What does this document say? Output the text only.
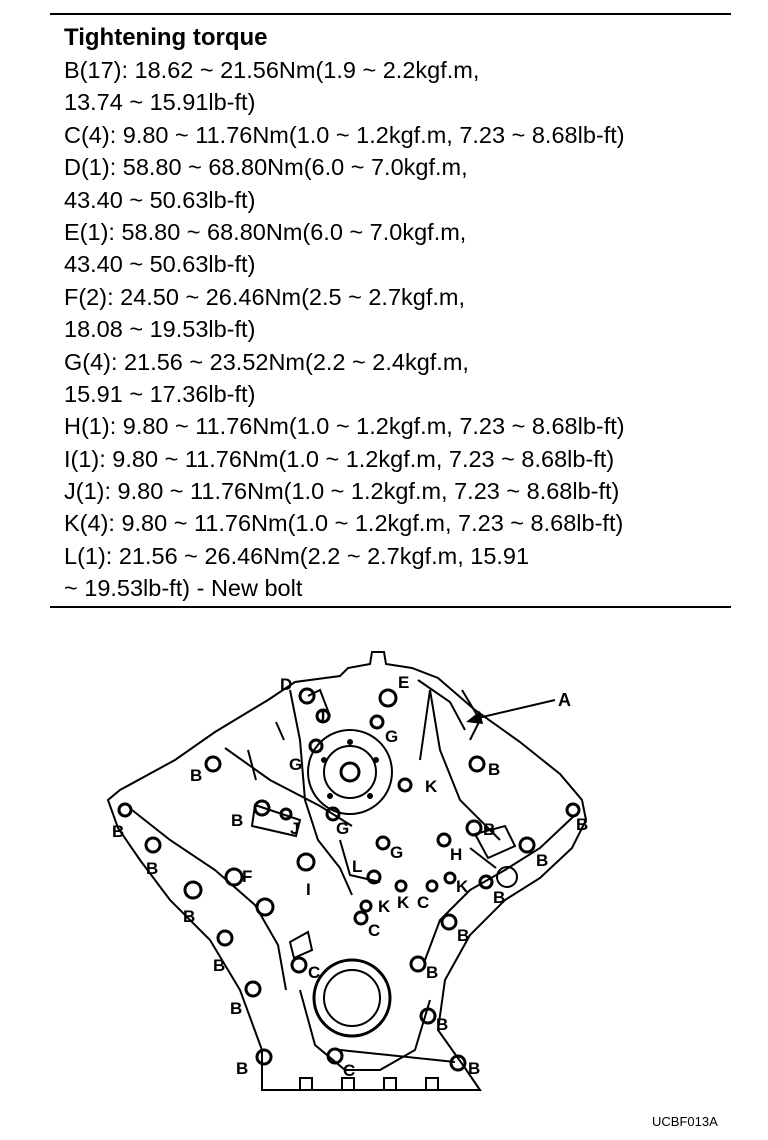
Tightening torque
B(17): 18.62 ~ 21.56Nm(1.9 ~ 2.2kgf.m,
13.74 ~ 15.91lb-ft)
C(4): 9.80 ~ 11.76Nm(1.0 ~ 1.2kgf.m, 7.23 ~ 8.68lb-ft)
D(1): 58.80 ~ 68.80Nm(6.0 ~ 7.0kgf.m,
43.40 ~ 50.63lb-ft)
E(1): 58.80 ~ 68.80Nm(6.0 ~ 7.0kgf.m,
43.40 ~ 50.63lb-ft)
F(2): 24.50 ~ 26.46Nm(2.5 ~ 2.7kgf.m,
18.08 ~ 19.53lb-ft)
G(4): 21.56 ~ 23.52Nm(2.2 ~ 2.4kgf.m,
15.91 ~ 17.36lb-ft)
H(1): 9.80 ~ 11.76Nm(1.0 ~ 1.2kgf.m, 7.23 ~ 8.68lb-ft)
I(1): 9.80 ~ 11.76Nm(1.0 ~ 1.2kgf.m, 7.23 ~ 8.68lb-ft)
J(1): 9.80 ~ 11.76Nm(1.0 ~ 1.2kgf.m, 7.23 ~ 8.68lb-ft)
K(4): 9.80 ~ 11.76Nm(1.0 ~ 1.2kgf.m, 7.23 ~ 8.68lb-ft)
L(1): 21.56 ~ 26.46Nm(2.2 ~ 2.7kgf.m, 15.91
~ 19.53lb-ft) - New bolt
A
D	E
J
G
G
B	B
K
B
B	J G	B
B
G	H	B
B	F
L
I
K K C
K
B
B
C	B
B	C	B
B
B
B	C	B
UCBF013A
